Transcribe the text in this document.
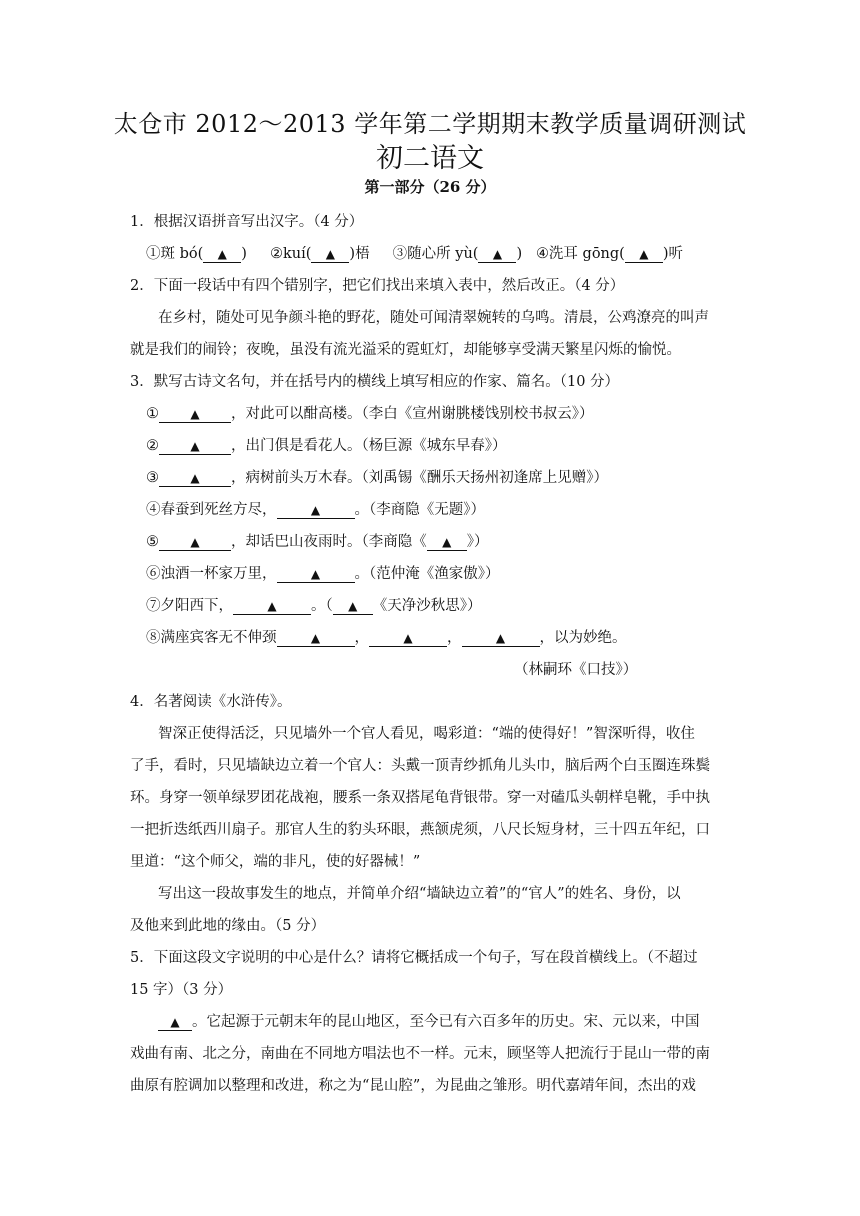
太仓市 2012～2013 学年第二学期期末教学质量调研测试
初二语文
第一部分（26 分）
1．根据汉语拼音写出汉字。（4 分）
①斑 bó( ▲ ) ②kuí( ▲ )梧 ③随心所 yù( ▲ ) ④洗耳 gōng( ▲ )听
2．下面一段话中有四个错别字，把它们找出来填入表中，然后改正。（4 分）
在乡村，随处可见争颜斗艳的野花，随处可闻清翠婉转的乌鸣。清晨，公鸡潦亮的叫声
就是我们的闹铃；夜晚，虽没有流光溢采的霓虹灯，却能够享受满天繁星闪烁的愉悦。
3．默写古诗文名句，并在括号内的横线上填写相应的作家、篇名。（10 分）
①	▲ ，对此可以酣高楼。（李白《宣州谢朓楼饯别校书叔云》）
②	▲ ，出门俱是看花人。（杨巨源《城东早春》）
③	▲ ，病树前头万木春。（刘禹锡《酬乐天扬州初逢席上见赠》）
④春蚕到死丝方尽，	▲ 。（李商隐《无题》）
⑤	▲ ，却话巴山夜雨时。（李商隐《 ▲ 》）
⑥浊酒一杯家万里，	▲ 。（范仲淹《渔家傲》）
⑦夕阳西下，	▲ 。（ ▲ 《天净沙秋思》）
⑧满座宾客无不伸颈	▲ ，	▲ ，	▲ ，以为妙绝。
（林嗣环《口技》）
4．名著阅读《水浒传》。
智深正使得活泛，只见墙外一个官人看见，喝彩道：“端的使得好！”智深听得，收住
了手，看时，只见墙缺边立着一个官人：头戴一顶青纱抓角儿头巾，脑后两个白玉圈连珠鬓
环。身穿一领单绿罗团花战袍，腰系一条双搭尾龟背银带。穿一对磕瓜头朝样皂靴，手中执
一把折迭纸西川扇子。那官人生的豹头环眼，燕颔虎须，八尺长短身材，三十四五年纪，口
里道：“这个师父，端的非凡，使的好器械！”
写出这一段故事发生的地点，并简单介绍“墙缺边立着”的“官人”的姓名、身份，以
及他来到此地的缘由。（5 分）
5．下面这段文字说明的中心是什么？请将它概括成一个句子，写在段首横线上。（不超过
15 字）（3 分）
▲ 。它起源于元朝末年的昆山地区，至今已有六百多年的历史。宋、元以来，中国
戏曲有南、北之分，南曲在不同地方唱法也不一样。元末，顾坚等人把流行于昆山一带的南
曲原有腔调加以整理和改进，称之为“昆山腔”，为昆曲之雏形。明代嘉靖年间，杰出的戏
